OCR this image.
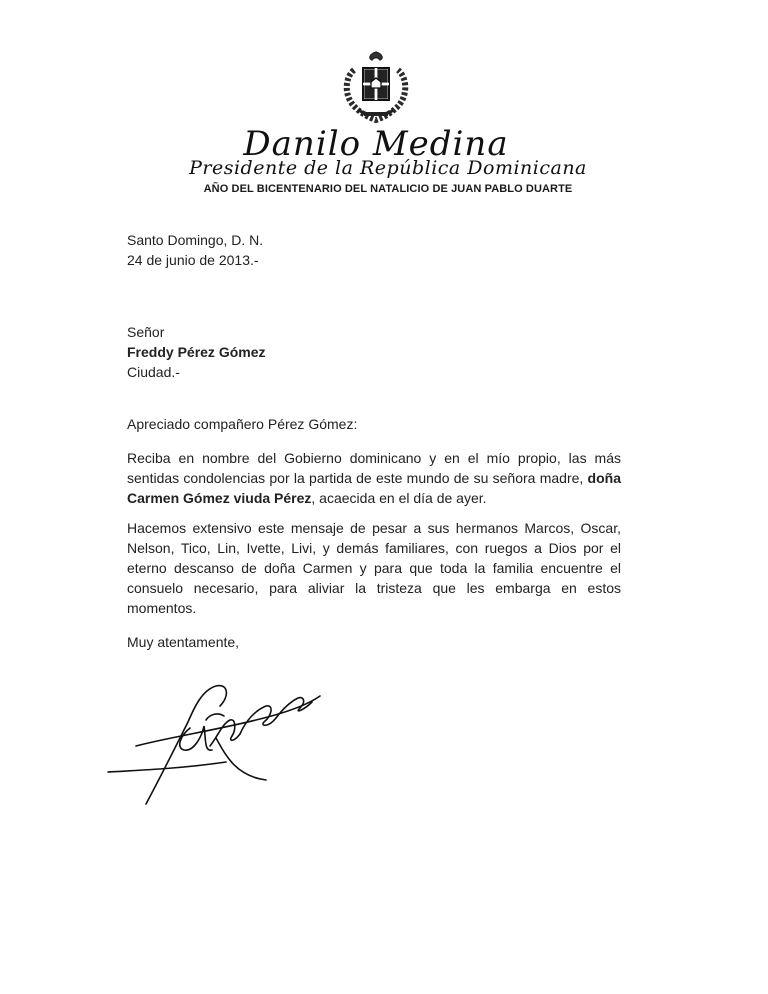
Danilo Medina
Presidente de la República Dominicana
AÑO DEL BICENTENARIO DEL NATALICIO DE JUAN PABLO DUARTE
Santo Domingo, D. N.
24 de junio de 2013.-
Señor
Freddy Pérez Gómez
Ciudad.-
Apreciado compañero Pérez Gómez:
Reciba en nombre del Gobierno dominicano y en el mío propio, las más sentidas condolencias por la partida de este mundo de su señora madre, doña Carmen Gómez viuda Pérez, acaecida en el día de ayer.
Hacemos extensivo este mensaje de pesar a sus hermanos Marcos, Oscar, Nelson, Tico, Lin, Ivette, Livi, y demás familiares, con ruegos a Dios por el eterno descanso de doña Carmen y para que toda la familia encuentre el consuelo necesario, para aliviar la tristeza que les embarga en estos momentos.
Muy atentamente,
